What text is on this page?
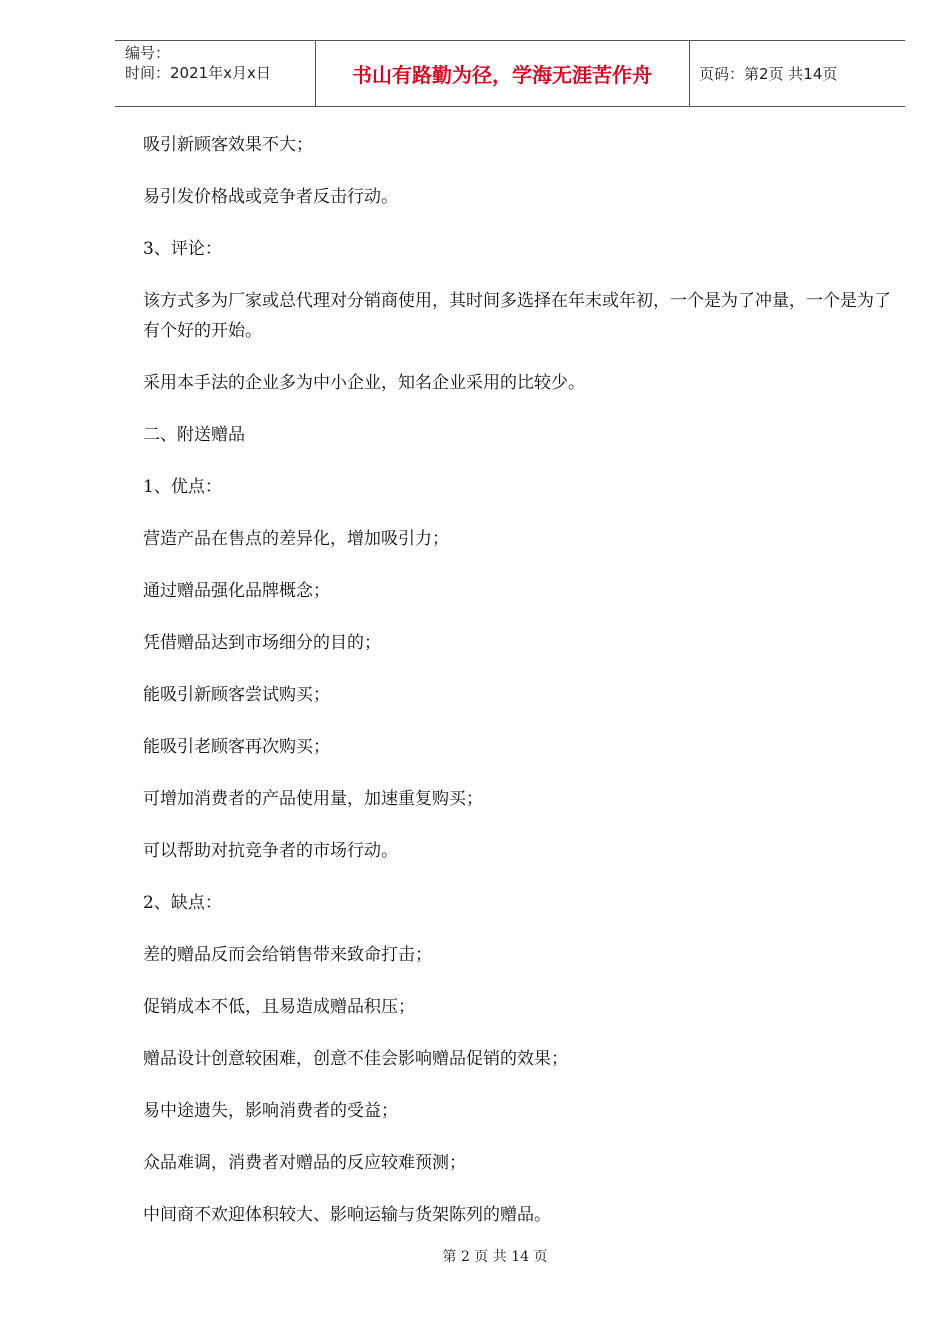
编号：
时间：2021年x月x日	书山有路勤为径，学海无涯苦作舟	页码：第2页 共14页

吸引新顾客效果不大；

易引发价格战或竞争者反击行动。

3、评论：

该方式多为厂家或总代理对分销商使用，其时间多选择在年末或年初，一个是为了冲量，一个是为了有个好的开始。

采用本手法的企业多为中小企业，知名企业采用的比较少。

二、附送赠品

1、优点：

营造产品在售点的差异化，增加吸引力；

通过赠品强化品牌概念；

凭借赠品达到市场细分的目的；

能吸引新顾客尝试购买；

能吸引老顾客再次购买；

可增加消费者的产品使用量，加速重复购买；

可以帮助对抗竞争者的市场行动。

2、缺点：

差的赠品反而会给销售带来致命打击；

促销成本不低，且易造成赠品积压；

赠品设计创意较困难，创意不佳会影响赠品促销的效果；

易中途遗失，影响消费者的受益；

众品难调，消费者对赠品的反应较难预测；

中间商不欢迎体积较大、影响运输与货架陈列的赠品。

第 2 页 共 14 页
